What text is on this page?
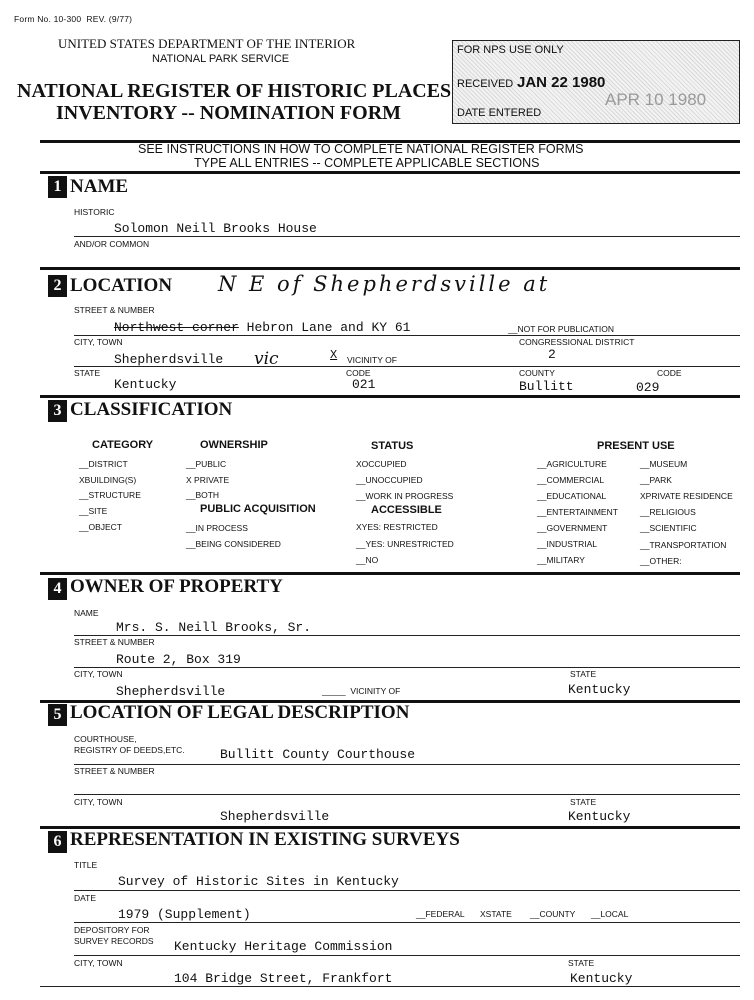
Form No. 10-300 REV. (9/77)
UNITED STATES DEPARTMENT OF THE INTERIOR
NATIONAL PARK SERVICE
NATIONAL REGISTER OF HISTORIC PLACES
INVENTORY -- NOMINATION FORM
FOR NPS USE ONLY
RECEIVED JAN 22 1980
DATE ENTERED
APR 10 1980
SEE INSTRUCTIONS IN HOW TO COMPLETE NATIONAL REGISTER FORMS
TYPE ALL ENTRIES -- COMPLETE APPLICABLE SECTIONS
1 NAME
HISTORIC
Solomon Neill Brooks House
AND/OR COMMON
2 LOCATION N E of Shepherdsville at
STREET & NUMBER
Northwest corner Hebron Lane and KY 61	__NOT FOR PUBLICATION
CITY, TOWN	CONGRESSIONAL DISTRICT
Shepherdsville vic	X VICINITY OF	2
STATE	CODE	COUNTY	CODE
Kentucky	021	Bullitt	029
3 CLASSIFICATION
CATEGORY
__DISTRICT
XBUILDING(S)
__STRUCTURE
__SITE
__OBJECT
OWNERSHIP
__PUBLIC
X PRIVATE
__BOTH
PUBLIC ACQUISITION
__IN PROCESS
__BEING CONSIDERED
STATUS
XOCCUPIED
__UNOCCUPIED
__WORK IN PROGRESS
ACCESSIBLE
XYES: RESTRICTED
__YES: UNRESTRICTED
__NO
PRESENT USE
__AGRICULTURE
__COMMERCIAL
__EDUCATIONAL
__ENTERTAINMENT
__GOVERNMENT
__INDUSTRIAL
__MILITARY
__MUSEUM
__PARK
XPRIVATE RESIDENCE
__RELIGIOUS
__SCIENTIFIC
__TRANSPORTATION
__OTHER:
4 OWNER OF PROPERTY
NAME
Mrs. S. Neill Brooks, Sr.
STREET & NUMBER
Route 2, Box 319
CITY, TOWN	STATE
Shepherdsville	_____  VICINITY OF	Kentucky
5 LOCATION OF LEGAL DESCRIPTION
COURTHOUSE,
REGISTRY OF DEEDS,ETC.	Bullitt County Courthouse
STREET & NUMBER
CITY, TOWN	STATE
Shepherdsville	Kentucky
6 REPRESENTATION IN EXISTING SURVEYS
TITLE
Survey of Historic Sites in Kentucky
DATE
1979 (Supplement)	__FEDERAL XSTATE __COUNTY __LOCAL
DEPOSITORY FOR
SURVEY RECORDS Kentucky Heritage Commission
CITY, TOWN	STATE
104 Bridge Street, Frankfort	Kentucky
